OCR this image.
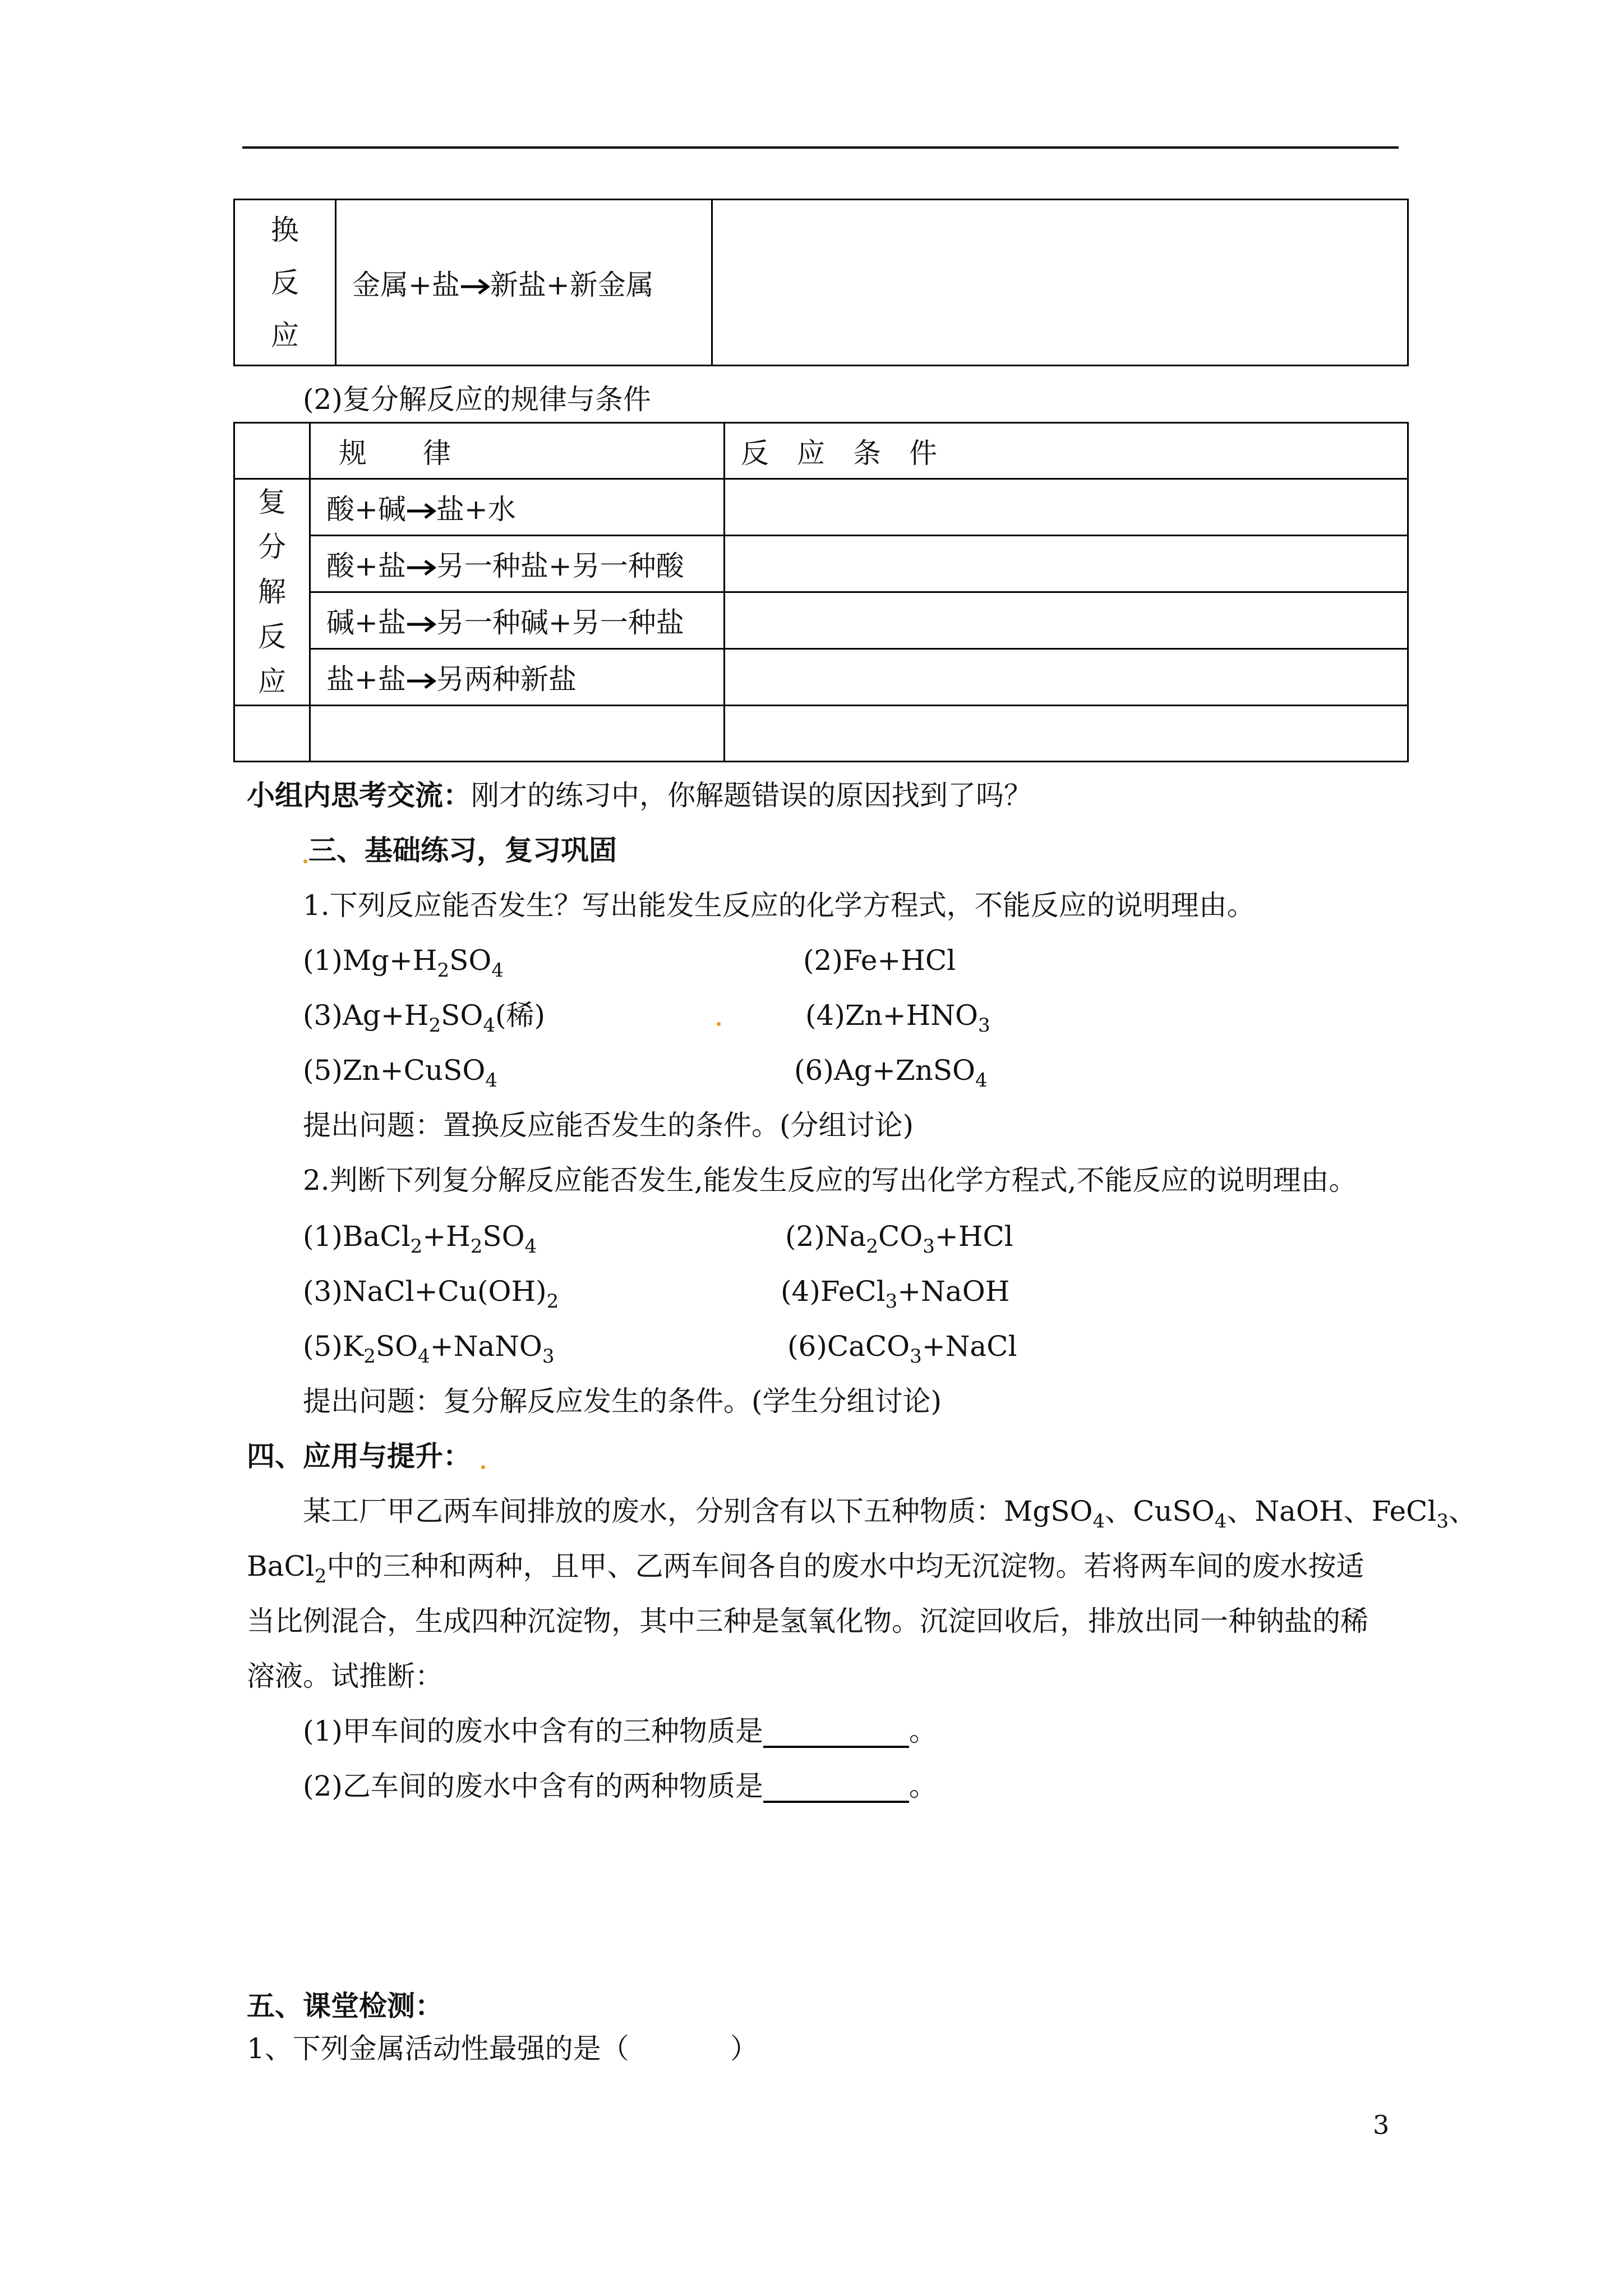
换
反
应
	金属+盐 新盐+新金属	
(2)复分解反应的规律与条件
	规　　律	反　应　条　件

复
分
解
反
应	酸+碱 盐+水	
	酸+盐 另一种盐+另一种酸	
	碱+盐 另一种碱+另一种盐	
	盐+盐 另两种新盐	

小组内思考交流：刚才的练习中，你解题错误的原因找到了吗？
三、基础练习，复习巩固
1.下列反应能否发生？写出能发生反应的化学方程式，不能反应的说明理由。
$(1)Mg+H_2SO_4$	(2)Fe+HCl
$(3)Ag+H_2SO_4$(稀)	$(4)Zn+HNO_3$
(5)Zn+CuSO$_4$	(6)Ag+ZnSO$_4$
提出问题：置换反应能否发生的条件。(分组讨论)
2.判断下列复分解反应能否发生,能发生反应的写出化学方程式,不能反应的说明理由。
$(1)BaCl_2+H_2SO_4$	$(2)Na_2CO_3+HCl$
$(3)NaCl+Cu(OH)_2$	(4)FeCl$_3$+NaOH
$(5)K_2SO_4+NaNO_3$	(6)CaCO$_3$+NaCl
提出问题：复分解反应发生的条件。(学生分组讨论)
四、应用与提升：
某工厂甲乙两车间排放的废水，分别含有以下五种物质：MgSO$_4$、CuSO$_4$、NaOH、FeCl$_3$、
BaCl$_2$中的三种和两种，且甲、乙两车间各自的废水中均无沉淀物。若将两车间的废水按适
当比例混合，生成四种沉淀物，其中三种是氢氧化物。沉淀回收后，排放出同一种钠盐的稀
溶液。试推断：
(1)甲车间的废水中含有的三种物质是	。
(2)乙车间的废水中含有的两种物质是	。
五、课堂检测：
1、下列金属活动性最强的是（	）
3
